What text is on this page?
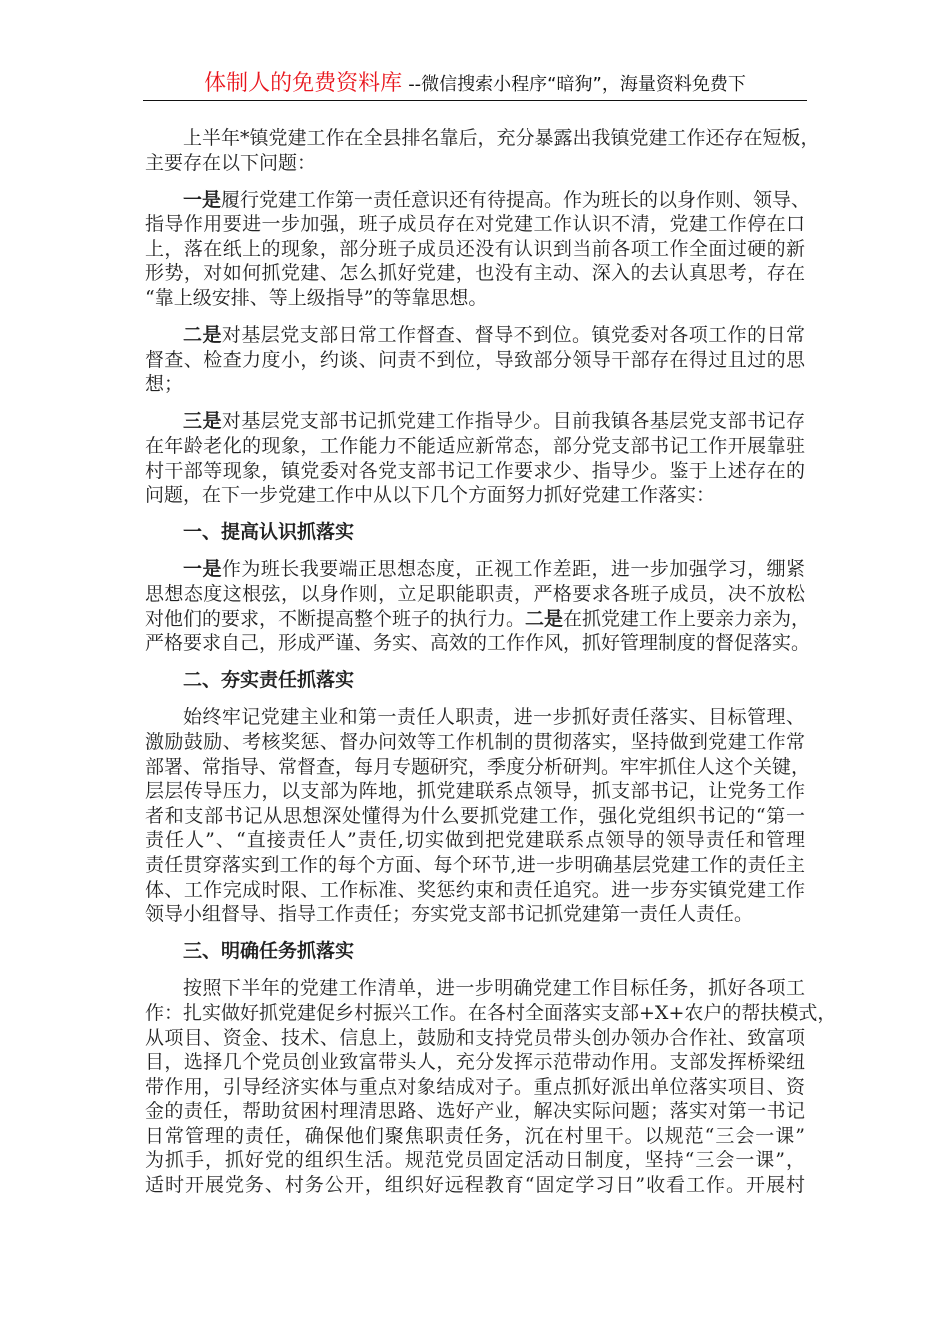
体制人的免费资料库 --微信搜索小程序“暗狗”，海量资料免费下
上半年*镇党建工作在全县排名靠后，充分暴露出我镇党建工作还存在短板，
主要存在以下问题：
一是履行党建工作第一责任意识还有待提高。作为班长的以身作则、领导、
指导作用要进一步加强，班子成员存在对党建工作认识不清，党建工作停在口
上，落在纸上的现象，部分班子成员还没有认识到当前各项工作全面过硬的新
形势，对如何抓党建、怎么抓好党建，也没有主动、深入的去认真思考，存在
“靠上级安排、等上级指导”的等靠思想。
二是对基层党支部日常工作督查、督导不到位。镇党委对各项工作的日常
督查、检查力度小，约谈、问责不到位，导致部分领导干部存在得过且过的思
想；
三是对基层党支部书记抓党建工作指导少。目前我镇各基层党支部书记存
在年龄老化的现象，工作能力不能适应新常态，部分党支部书记工作开展靠驻
村干部等现象，镇党委对各党支部书记工作要求少、指导少。鉴于上述存在的
问题，在下一步党建工作中从以下几个方面努力抓好党建工作落实：
一、提高认识抓落实
一是作为班长我要端正思想态度，正视工作差距，进一步加强学习，绷紧
思想态度这根弦，以身作则，立足职能职责，严格要求各班子成员，决不放松
对他们的要求，不断提高整个班子的执行力。二是在抓党建工作上要亲力亲为，
严格要求自己，形成严谨、务实、高效的工作作风，抓好管理制度的督促落实。
二、夯实责任抓落实
始终牢记党建主业和第一责任人职责，进一步抓好责任落实、目标管理、
激励鼓励、考核奖惩、督办问效等工作机制的贯彻落实，坚持做到党建工作常
部署、常指导、常督查，每月专题研究，季度分析研判。牢牢抓住人这个关键，
层层传导压力，以支部为阵地，抓党建联系点领导，抓支部书记，让党务工作
者和支部书记从思想深处懂得为什么要抓党建工作，强化党组织书记的“第一
责任人”、“直接责任人”责任,切实做到把党建联系点领导的领导责任和管理
责任贯穿落实到工作的每个方面、每个环节,进一步明确基层党建工作的责任主
体、工作完成时限、工作标准、奖惩约束和责任追究。进一步夯实镇党建工作
领导小组督导、指导工作责任；夯实党支部书记抓党建第一责任人责任。
三、明确任务抓落实
按照下半年的党建工作清单，进一步明确党建工作目标任务，抓好各项工
作：扎实做好抓党建促乡村振兴工作。在各村全面落实支部+X+农户的帮扶模式，
从项目、资金、技术、信息上，鼓励和支持党员带头创办领办合作社、致富项
目，选择几个党员创业致富带头人，充分发挥示范带动作用。支部发挥桥梁纽
带作用，引导经济实体与重点对象结成对子。重点抓好派出单位落实项目、资
金的责任，帮助贫困村理清思路、选好产业，解决实际问题；落实对第一书记
日常管理的责任，确保他们聚焦职责任务，沉在村里干。以规范“三会一课”
为抓手，抓好党的组织生活。规范党员固定活动日制度，坚持“三会一课”，
适时开展党务、村务公开，组织好远程教育“固定学习日”收看工作。开展村
